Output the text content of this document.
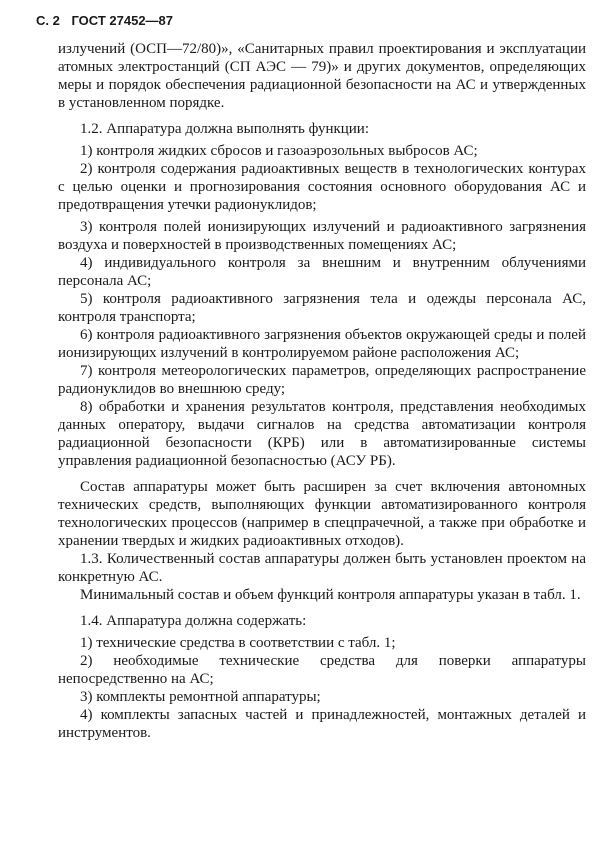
С. 2 ГОСТ 27452—87

излучений (ОСП—72/80)», «Санитарных правил проектирования и эксплуатации атомных электростанций (СП АЭС — 79)» и других документов, определяющих меры и порядок обеспечения радиационной безопасности на АС и утвержденных в установленном порядке.

1.2. Аппаратура должна выполнять функции:

1) контроля жидких сбросов и газоаэрозольных выбросов АС;

2) контроля содержания радиоактивных веществ в технологических контурах с целью оценки и прогнозирования состояния основного оборудования АС и предотвращения утечки радионуклидов;

3) контроля полей ионизирующих излучений и радиоактивного загрязнения воздуха и поверхностей в производственных помещениях АС;

4) индивидуального контроля за внешним и внутренним облучениями персонала АС;

5) контроля радиоактивного загрязнения тела и одежды персонала АС, контроля транспорта;

6) контроля радиоактивного загрязнения объектов окружающей среды и полей ионизирующих излучений в контролируемом районе расположения АС;

7) контроля метеорологических параметров, определяющих распространение радионуклидов во внешнюю среду;

8) обработки и хранения результатов контроля, представления необходимых данных оператору, выдачи сигналов на средства автоматизации контроля радиационной безопасности (КРБ) или в автоматизированные системы управления радиационной безопасностью (АСУ РБ).

Состав аппаратуры может быть расширен за счет включения автономных технических средств, выполняющих функции автоматизированного контроля технологических процессов (например в спецпрачечной, а также при обработке и хранении твердых и жидких радиоактивных отходов).

1.3. Количественный состав аппаратуры должен быть установлен проектом на конкретную АС.

Минимальный состав и объем функций контроля аппаратуры указан в табл. 1.

1.4. Аппаратура должна содержать:

1) технические средства в соответствии с табл. 1;

2) необходимые технические средства для поверки аппаратуры непосредственно на АС;

3) комплекты ремонтной аппаратуры;

4) комплекты запасных частей и принадлежностей, монтажных деталей и инструментов.
